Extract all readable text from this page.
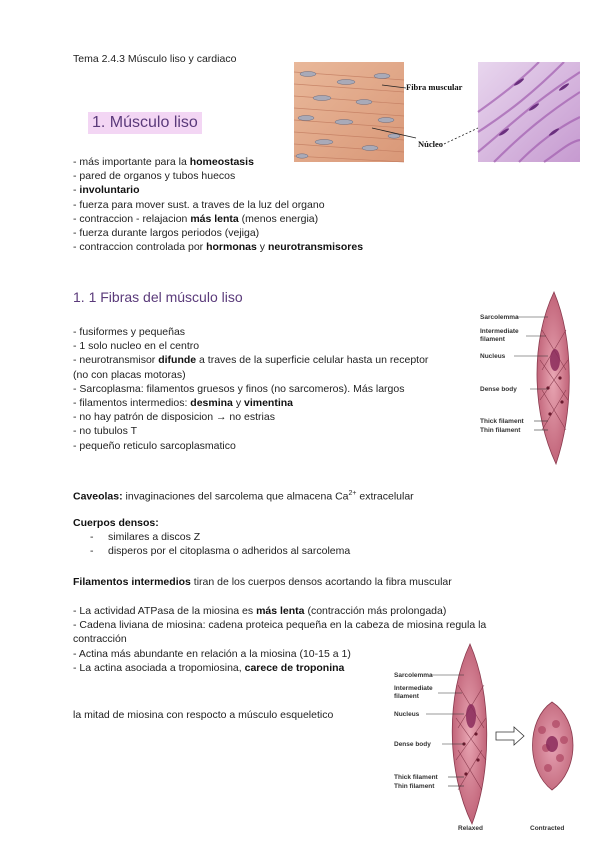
Tema 2.4.3 Músculo liso y cardiaco
1. Músculo liso
Fibra muscular
Núcleo
- más importante para la homeostasis
- pared de organos y tubos huecos
- involuntario
- fuerza para mover sust. a traves de la luz del organo
- contraccion - relajacion más lenta (menos energia)
- fuerza durante largos periodos (vejiga)
- contraccion controlada por hormonas y neurotransmisores
1. 1 Fibras del músculo liso
- fusiformes y pequeñas
- 1 solo nucleo en el centro
- neurotransmisor difunde a traves de la superficie celular hasta un receptor
(no con placas motoras)
- Sarcoplasma: filamentos gruesos y finos (no sarcomeros). Más largos
- filamentos intermedios: desmina y vimentina
- no hay patrón de disposicion → no estrias
- no tubulos T
- pequeño reticulo sarcoplasmatico
Sarcolemma
Intermediate
filament
Nucleus
Dense body
Thick filament
Thin filament
Caveolas: invaginaciones del sarcolema que almacena $Ca^{2+}$ extracelular
Cuerpos densos:
- similares a discos Z
- disperos por el citoplasma o adheridos al sarcolema
Filamentos intermedios tiran de los cuerpos densos acortando la fibra muscular
- La actividad ATPasa de la miosina es más lenta (contracción más prolongada)
- Cadena liviana de miosina: cadena proteica pequeña en la cabeza de miosina regula la
contracción
- Actina más abundante en relación a la miosina (10-15 a 1)
- La actina asociada a tropomiosina, carece de troponina
la mitad de miosina con respocto a músculo esqueletico
Sarcolemma
Intermediate
filament
Nucleus
Dense body
Thick filament
Thin filament
Relaxed	Contracted
